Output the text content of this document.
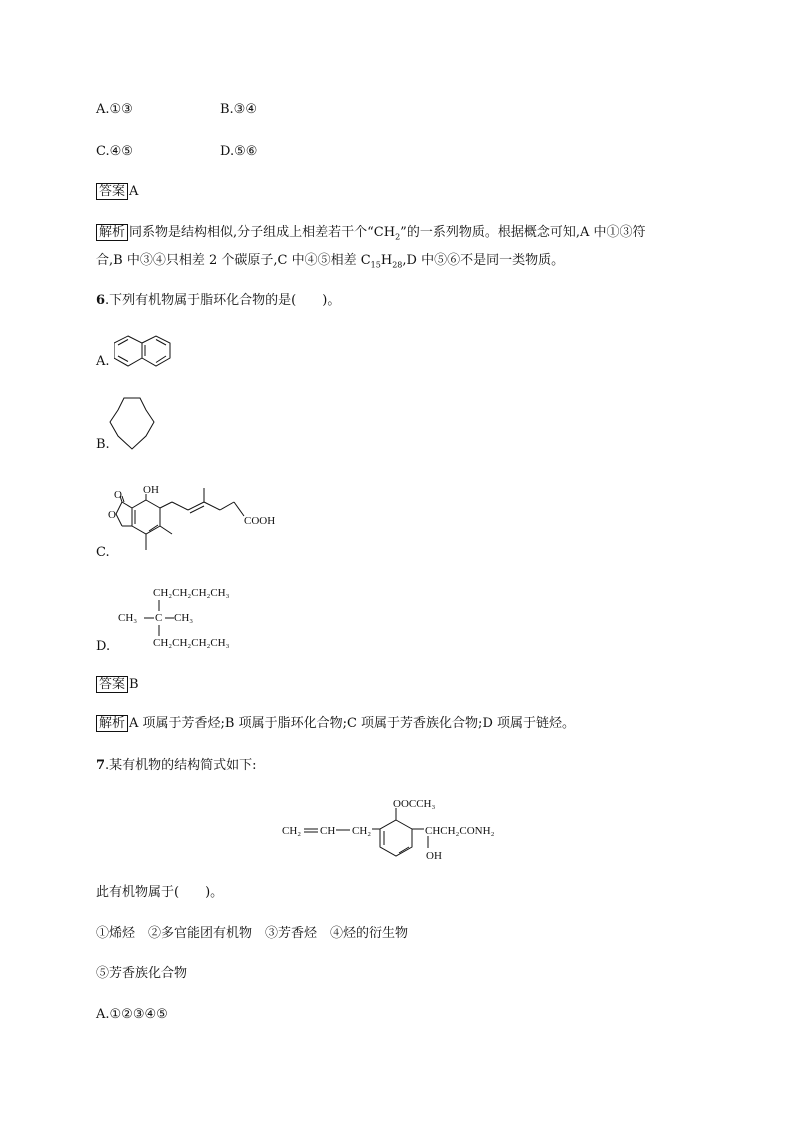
A.①③	B.③④
C.④⑤	D.⑤⑥
答案 A
解析 同系物是结构相似,分子组成上相差若干个“$CH_2$”的一系列物质。根据概念可知,A 中①③符
合,B 中③④只相差 2 个碳原子,C 中④⑤相差 $C_{15}H_{28},D$ 中⑤⑥不是同一类物质。
6.下列有机物属于脂环化合物的是(　　)。
A.
B.
C.
OH
O
O	COOH
D.
CH₂CH₂CH₂CH₃
CH₃ C CH₃
CH₂CH₂CH₂CH₃
答案 B
解析 A 项属于芳香烃;B 项属于脂环化合物;C 项属于芳香族化合物;D 项属于链烃。
7.某有机物的结构简式如下:
OOCCH₃
CH₂ CH CH₂	CHCH₂CONH₂
OH
此有机物属于(　　)。
①烯烃　②多官能团有机物　③芳香烃　④烃的衍生物
⑤芳香族化合物
A.①②③④⑤
